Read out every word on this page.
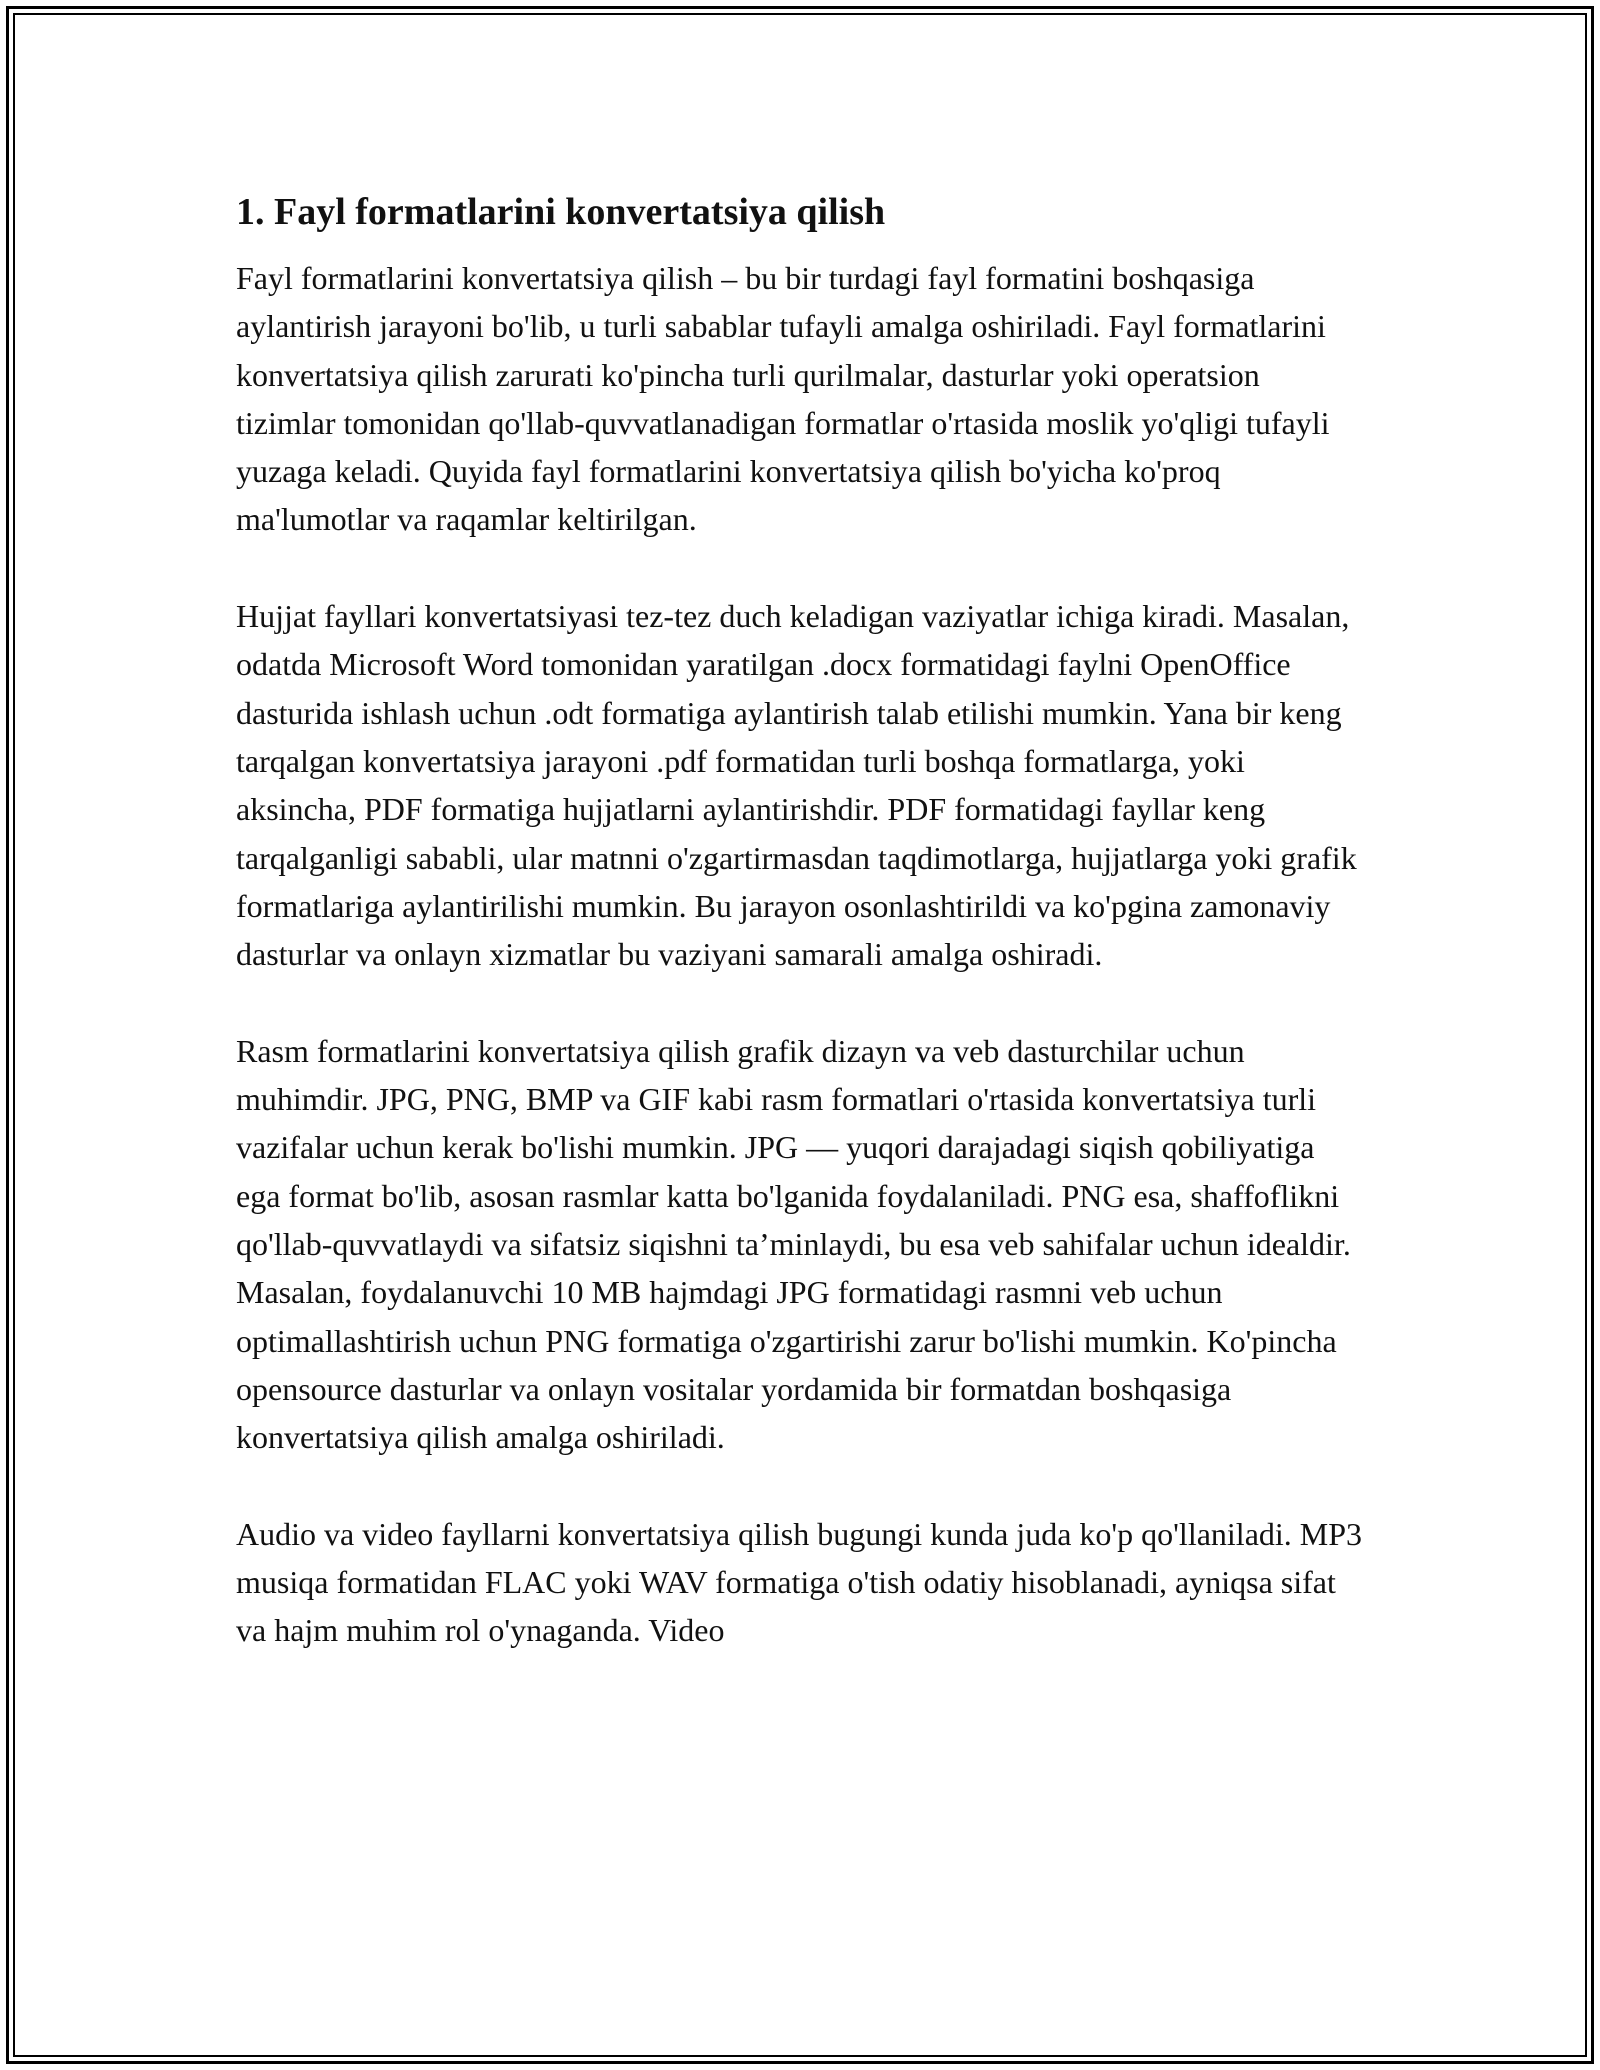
1. Fayl formatlarini konvertatsiya qilish

Fayl formatlarini konvertatsiya qilish – bu bir turdagi fayl formatini boshqasiga aylantirish jarayoni bo'lib, u turli sabablar tufayli amalga oshiriladi. Fayl formatlarini konvertatsiya qilish zarurati ko'pincha turli qurilmalar, dasturlar yoki operatsion tizimlar tomonidan qo'llab-quvvatlanadigan formatlar o'rtasida moslik yo'qligi tufayli yuzaga keladi. Quyida fayl formatlarini konvertatsiya qilish bo'yicha ko'proq ma'lumotlar va raqamlar keltirilgan.

Hujjat fayllari konvertatsiyasi tez-tez duch keladigan vaziyatlar ichiga kiradi. Masalan, odatda Microsoft Word tomonidan yaratilgan .docx formatidagi faylni OpenOffice dasturida ishlash uchun .odt formatiga aylantirish talab etilishi mumkin. Yana bir keng tarqalgan konvertatsiya jarayoni .pdf formatidan turli boshqa formatlarga, yoki aksincha, PDF formatiga hujjatlarni aylantirishdir. PDF formatidagi fayllar keng tarqalganligi sababli, ular matnni o'zgartirmasdan taqdimotlarga, hujjatlarga yoki grafik formatlariga aylantirilishi mumkin. Bu jarayon osonlashtirildi va ko'pgina zamonaviy dasturlar va onlayn xizmatlar bu vaziyani samarali amalga oshiradi.

Rasm formatlarini konvertatsiya qilish grafik dizayn va veb dasturchilar uchun muhimdir. JPG, PNG, BMP va GIF kabi rasm formatlari o'rtasida konvertatsiya turli vazifalar uchun kerak bo'lishi mumkin. JPG — yuqori darajadagi siqish qobiliyatiga ega format bo'lib, asosan rasmlar katta bo'lganida foydalaniladi. PNG esa, shaffoflikni qo'llab-quvvatlaydi va sifatsiz siqishni ta’minlaydi, bu esa veb sahifalar uchun idealdir. Masalan, foydalanuvchi 10 MB hajmdagi JPG formatidagi rasmni veb uchun optimallashtirish uchun PNG formatiga o'zgartirishi zarur bo'lishi mumkin. Ko'pincha opensource dasturlar va onlayn vositalar yordamida bir formatdan boshqasiga konvertatsiya qilish amalga oshiriladi.

Audio va video fayllarni konvertatsiya qilish bugungi kunda juda ko'p qo'llaniladi. MP3 musiqa formatidan FLAC yoki WAV formatiga o'tish odatiy hisoblanadi, ayniqsa sifat va hajm muhim rol o'ynaganda. Video
